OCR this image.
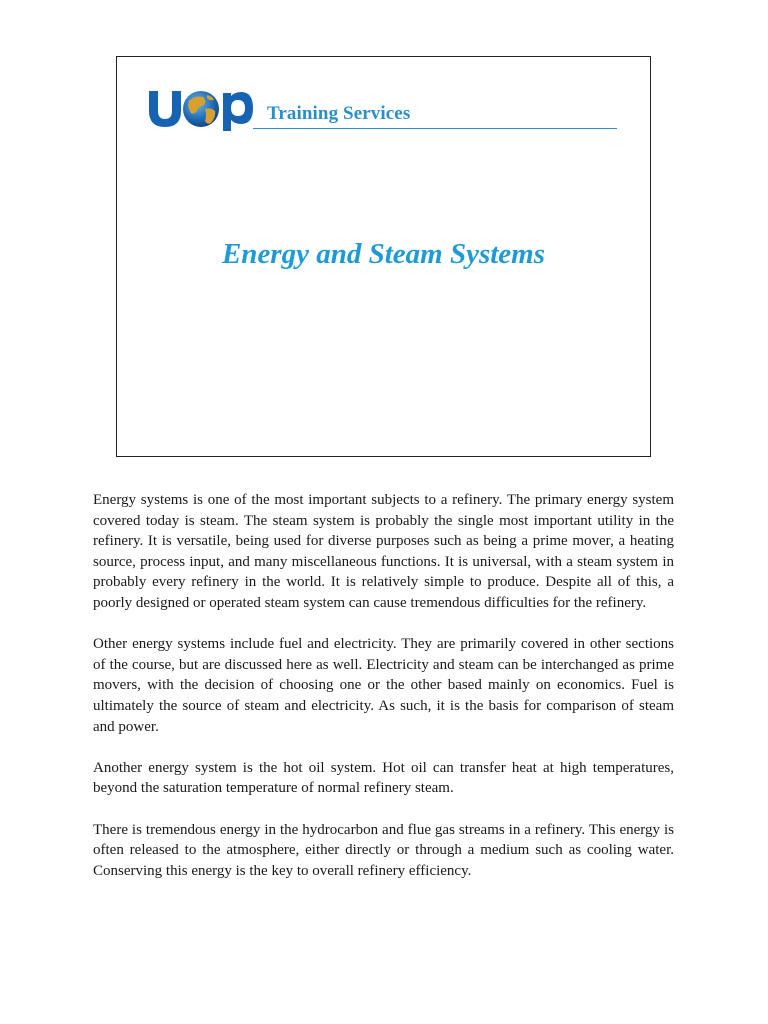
Training Services
Energy and Steam Systems

Energy systems is one of the most important subjects to a refinery. The primary energy system covered today is steam. The steam system is probably the single most important utility in the refinery. It is versatile, being used for diverse purposes such as being a prime mover, a heating source, process input, and many miscellaneous functions. It is universal, with a steam system in probably every refinery in the world. It is relatively simple to produce. Despite all of this, a poorly designed or operated steam system can cause tremendous difficulties for the refinery.

Other energy systems include fuel and electricity. They are primarily covered in other sections of the course, but are discussed here as well. Electricity and steam can be interchanged as prime movers, with the decision of choosing one or the other based mainly on economics. Fuel is ultimately the source of steam and electricity. As such, it is the basis for comparison of steam and power.

Another energy system is the hot oil system. Hot oil can transfer heat at high temperatures, beyond the saturation temperature of normal refinery steam.

There is tremendous energy in the hydrocarbon and flue gas streams in a refinery. This energy is often released to the atmosphere, either directly or through a medium such as cooling water. Conserving this energy is the key to overall refinery efficiency.
